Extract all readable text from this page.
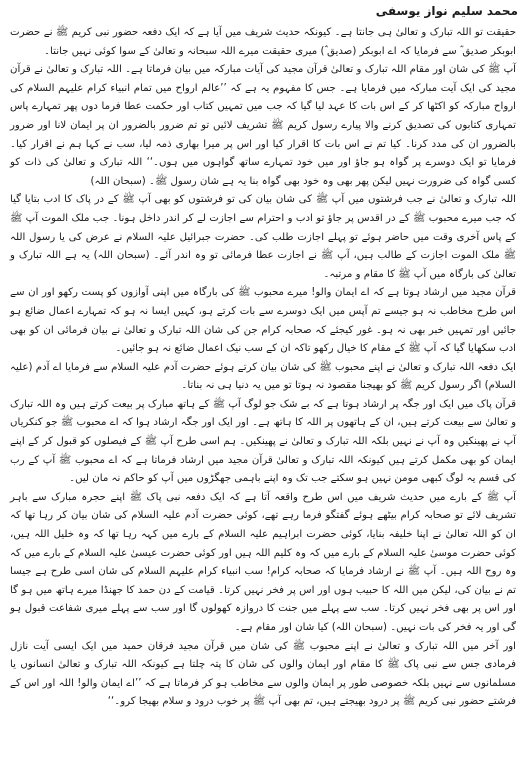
محمد سلیم نواز یوسفی

حقیقت تو اللہ تبارک و تعالیٰ ہی جانتا ہے۔ کیونکہ حدیث شریف میں آیا ہے کہ ایک دفعہ حضور نبی کریم ﷺ نے حضرت ابوبکر صدیق ؓ سے فرمایا کہ اے ابوبکر (صدیق ؓ) میری حقیقت میرے اللہ سبحانہ و تعالیٰ کے سوا کوئی نہیں جانتا۔

آپ ﷺ کی شان اور مقام اللہ تبارک و تعالیٰ قرآن مجید کی آیات مبارکہ میں بیان فرماتا ہے۔ اللہ تبارک و تعالیٰ نے قرآن مجید کی ایک آیت مبارکہ میں فرمایا ہے۔ جس کا مفہوم یہ ہے کہ ’’عالم ارواح میں تمام انبیاء کرام علیہم السلام کی ارواح مبارکہ کو اکٹھا کر کے اس بات کا عہد لیا گیا کہ جب میں تمہیں کتاب اور حکمت عطا فرما دوں پھر تمہارے پاس تمہاری کتابوں کی تصدیق کرنے والا پیارے رسول کریم ﷺ تشریف لائیں تو تم ضرور بالضرور ان پر ایمان لانا اور ضرور بالضرور ان کی مدد کرنا۔ کیا تم نے اس بات کا اقرار کیا اور اس پر میرا بھاری ذمہ لیا، سب نے کہا ہم نے اقرار کیا۔ فرمایا تو ایک دوسرے پر گواہ ہو جاؤ اور میں خود تمہارے ساتھ گواہوں میں ہوں۔‘‘ اللہ تبارک و تعالیٰ کی ذات کو کسی گواہ کی ضرورت نہیں لیکن پھر بھی وہ خود بھی گواہ بنا یہ ہے شان رسول ﷺ۔ (سبحان اللہ)

اللہ تبارک و تعالیٰ نے جب فرشتوں میں آپ ﷺ کی شان بیان کی تو فرشتوں کو بھی آپ ﷺ کے در پاک کا ادب بتایا گیا کہ جب میرے محبوب ﷺ کے در اقدس پر جاؤ تو ادب و احترام سے اجازت لے کر اندر داخل ہونا۔ جب ملک الموت آپ ﷺ کے پاس آخری وقت میں حاضر ہوئے تو پہلے اجازت طلب کی۔ حضرت جبرائیل علیہ السلام نے عرض کی یا رسول اللہ ﷺ ملک الموت اجازت کے طالب ہیں، آپ ﷺ نے اجازت عطا فرمائی تو وہ اندر آئے۔ (سبحان اللہ) یہ ہے اللہ تبارک و تعالیٰ کی بارگاہ میں آپ ﷺ کا مقام و مرتبہ۔

قرآن مجید میں ارشاد ہوتا ہے کہ اے ایمان والو! میرے محبوب ﷺ کی بارگاہ میں اپنی آوازوں کو پست رکھو اور ان سے اس طرح مخاطب نہ ہو جیسے تم آپس میں ایک دوسرے سے بات کرتے ہو، کہیں ایسا نہ ہو کہ تمہارے اعمال ضائع ہو جائیں اور تمہیں خبر بھی نہ ہو۔ غور کیجئے کہ صحابہ کرام جن کی شان اللہ تبارک و تعالیٰ نے بیان فرمائی ان کو بھی ادب سکھایا گیا کہ آپ ﷺ کے مقام کا خیال رکھو تاکہ ان کے سب نیک اعمال ضائع نہ ہو جائیں۔

ایک دفعہ اللہ تبارک و تعالیٰ نے اپنے محبوب ﷺ کی شان بیان کرتے ہوئے حضرت آدم علیہ السلام سے فرمایا اے آدم (علیہ السلام) اگر رسول کریم ﷺ کو بھیجنا مقصود نہ ہوتا تو میں یہ دنیا ہی نہ بناتا۔

قرآن پاک میں ایک اور جگہ پر ارشاد ہوتا ہے کہ بے شک جو لوگ آپ ﷺ کے ہاتھ مبارک پر بیعت کرتے ہیں وہ اللہ تبارک و تعالیٰ سے بیعت کرتے ہیں، ان کے ہاتھوں پر اللہ کا ہاتھ ہے۔ اور ایک اور جگہ ارشاد ہوا کہ اے محبوب ﷺ جو کنکریاں آپ نے پھینکیں وہ آپ نے نہیں بلکہ اللہ تبارک و تعالیٰ نے پھینکیں۔ ہم اسی طرح آپ ﷺ کے فیصلوں کو قبول کر کے اپنے ایمان کو بھی مکمل کرتے ہیں کیونکہ اللہ تبارک و تعالیٰ قرآن مجید میں ارشاد فرماتا ہے کہ اے محبوب ﷺ آپ کے رب کی قسم یہ لوگ کبھی مومن نہیں ہو سکتے جب تک وہ اپنے باہمی جھگڑوں میں آپ کو حاکم نہ مان لیں۔

آپ ﷺ کے بارے میں حدیث شریف میں اس طرح واقعہ آتا ہے کہ ایک دفعہ نبی پاک ﷺ اپنے حجرہ مبارک سے باہر تشریف لائے تو صحابہ کرام بیٹھے ہوئے گفتگو فرما رہے تھے، کوئی حضرت آدم علیہ السلام کی شان بیان کر رہا تھا کہ ان کو اللہ تعالیٰ نے اپنا خلیفہ بنایا، کوئی حضرت ابراہیم علیہ السلام کے بارے میں کہہ رہا تھا کہ وہ خلیل اللہ ہیں، کوئی حضرت موسیٰ علیہ السلام کے بارے میں کہ وہ کلیم اللہ ہیں اور کوئی حضرت عیسیٰ علیہ السلام کے بارے میں کہ وہ روح اللہ ہیں۔ آپ ﷺ نے ارشاد فرمایا کہ صحابہ کرام! سب انبیاء کرام علیہم السلام کی شان اسی طرح ہے جیسا تم نے بیان کی، لیکن میں اللہ کا حبیب ہوں اور اس پر فخر نہیں کرتا۔ قیامت کے دن حمد کا جھنڈا میرے ہاتھ میں ہو گا اور اس پر بھی فخر نہیں کرتا۔ سب سے پہلے میں جنت کا دروازہ کھولوں گا اور سب سے پہلے میری شفاعت قبول ہو گی اور یہ فخر کی بات نہیں۔ (سبحان اللہ) کیا شان اور مقام ہے۔

اور آخر میں اللہ تبارک و تعالیٰ نے اپنے محبوب ﷺ کی شان میں قرآن مجید فرقان حمید میں ایک ایسی آیت نازل فرمادی جس سے نبی پاک ﷺ کا مقام اور ایمان والوں کی شان کا پتہ چلتا ہے کیونکہ اللہ تبارک و تعالیٰ انسانوں یا مسلمانوں سے نہیں بلکہ خصوصی طور پر ایمان والوں سے مخاطب ہو کر فرماتا ہے کہ ’’اے ایمان والو! اللہ اور اس کے فرشتے حضور نبی کریم ﷺ پر درود بھیجتے ہیں، تم بھی آپ ﷺ پر خوب درود و سلام بھیجا کرو۔‘‘
